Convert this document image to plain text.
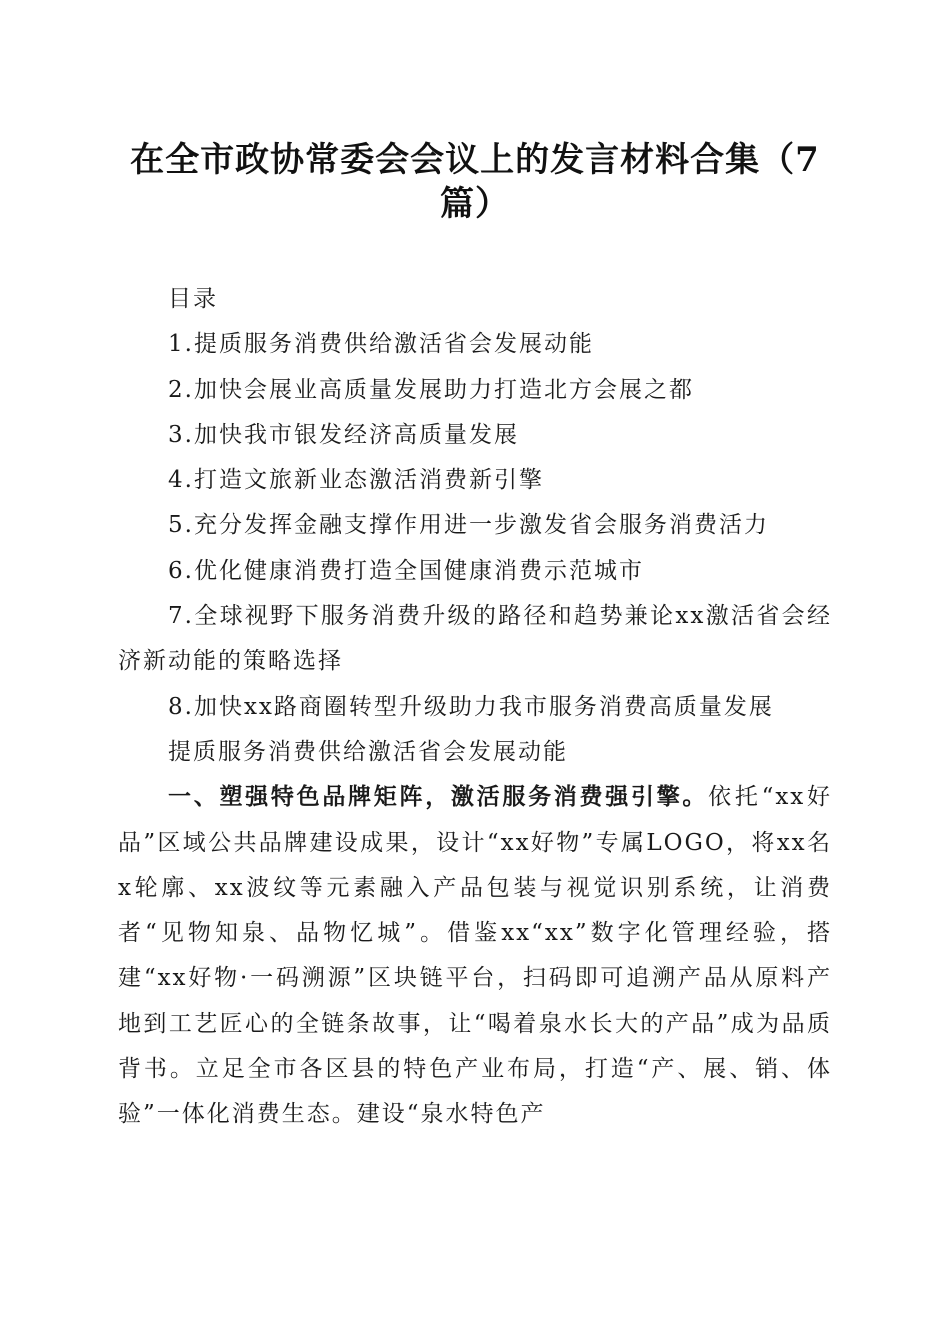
在全市政协常委会会议上的发言材料合集（7篇）

目录

1.提质服务消费供给激活省会发展动能

2.加快会展业高质量发展助力打造北方会展之都

3.加快我市银发经济高质量发展

4.打造文旅新业态激活消费新引擎

5.充分发挥金融支撑作用进一步激发省会服务消费活力

6.优化健康消费打造全国健康消费示范城市

7.全球视野下服务消费升级的路径和趋势兼论xx激活省会经济新动能的策略选择

8.加快xx路商圈转型升级助力我市服务消费高质量发展

提质服务消费供给激活省会发展动能

一、塑强特色品牌矩阵，激活服务消费强引擎。依托“xx好品”区域公共品牌建设成果，设计“xx好物”专属LOGO，将xx名x轮廓、xx波纹等元素融入产品包装与视觉识别系统，让消费者“见物知泉、品物忆城”。借鉴xx“xx”数字化管理经验，搭建“xx好物·一码溯源”区块链平台，扫码即可追溯产品从原料产地到工艺匠心的全链条故事，让“喝着泉水长大的产品”成为品质背书。立足全市各区县的特色产业布局，打造“产、展、销、体验”一体化消费生态。建设“泉水特色产
